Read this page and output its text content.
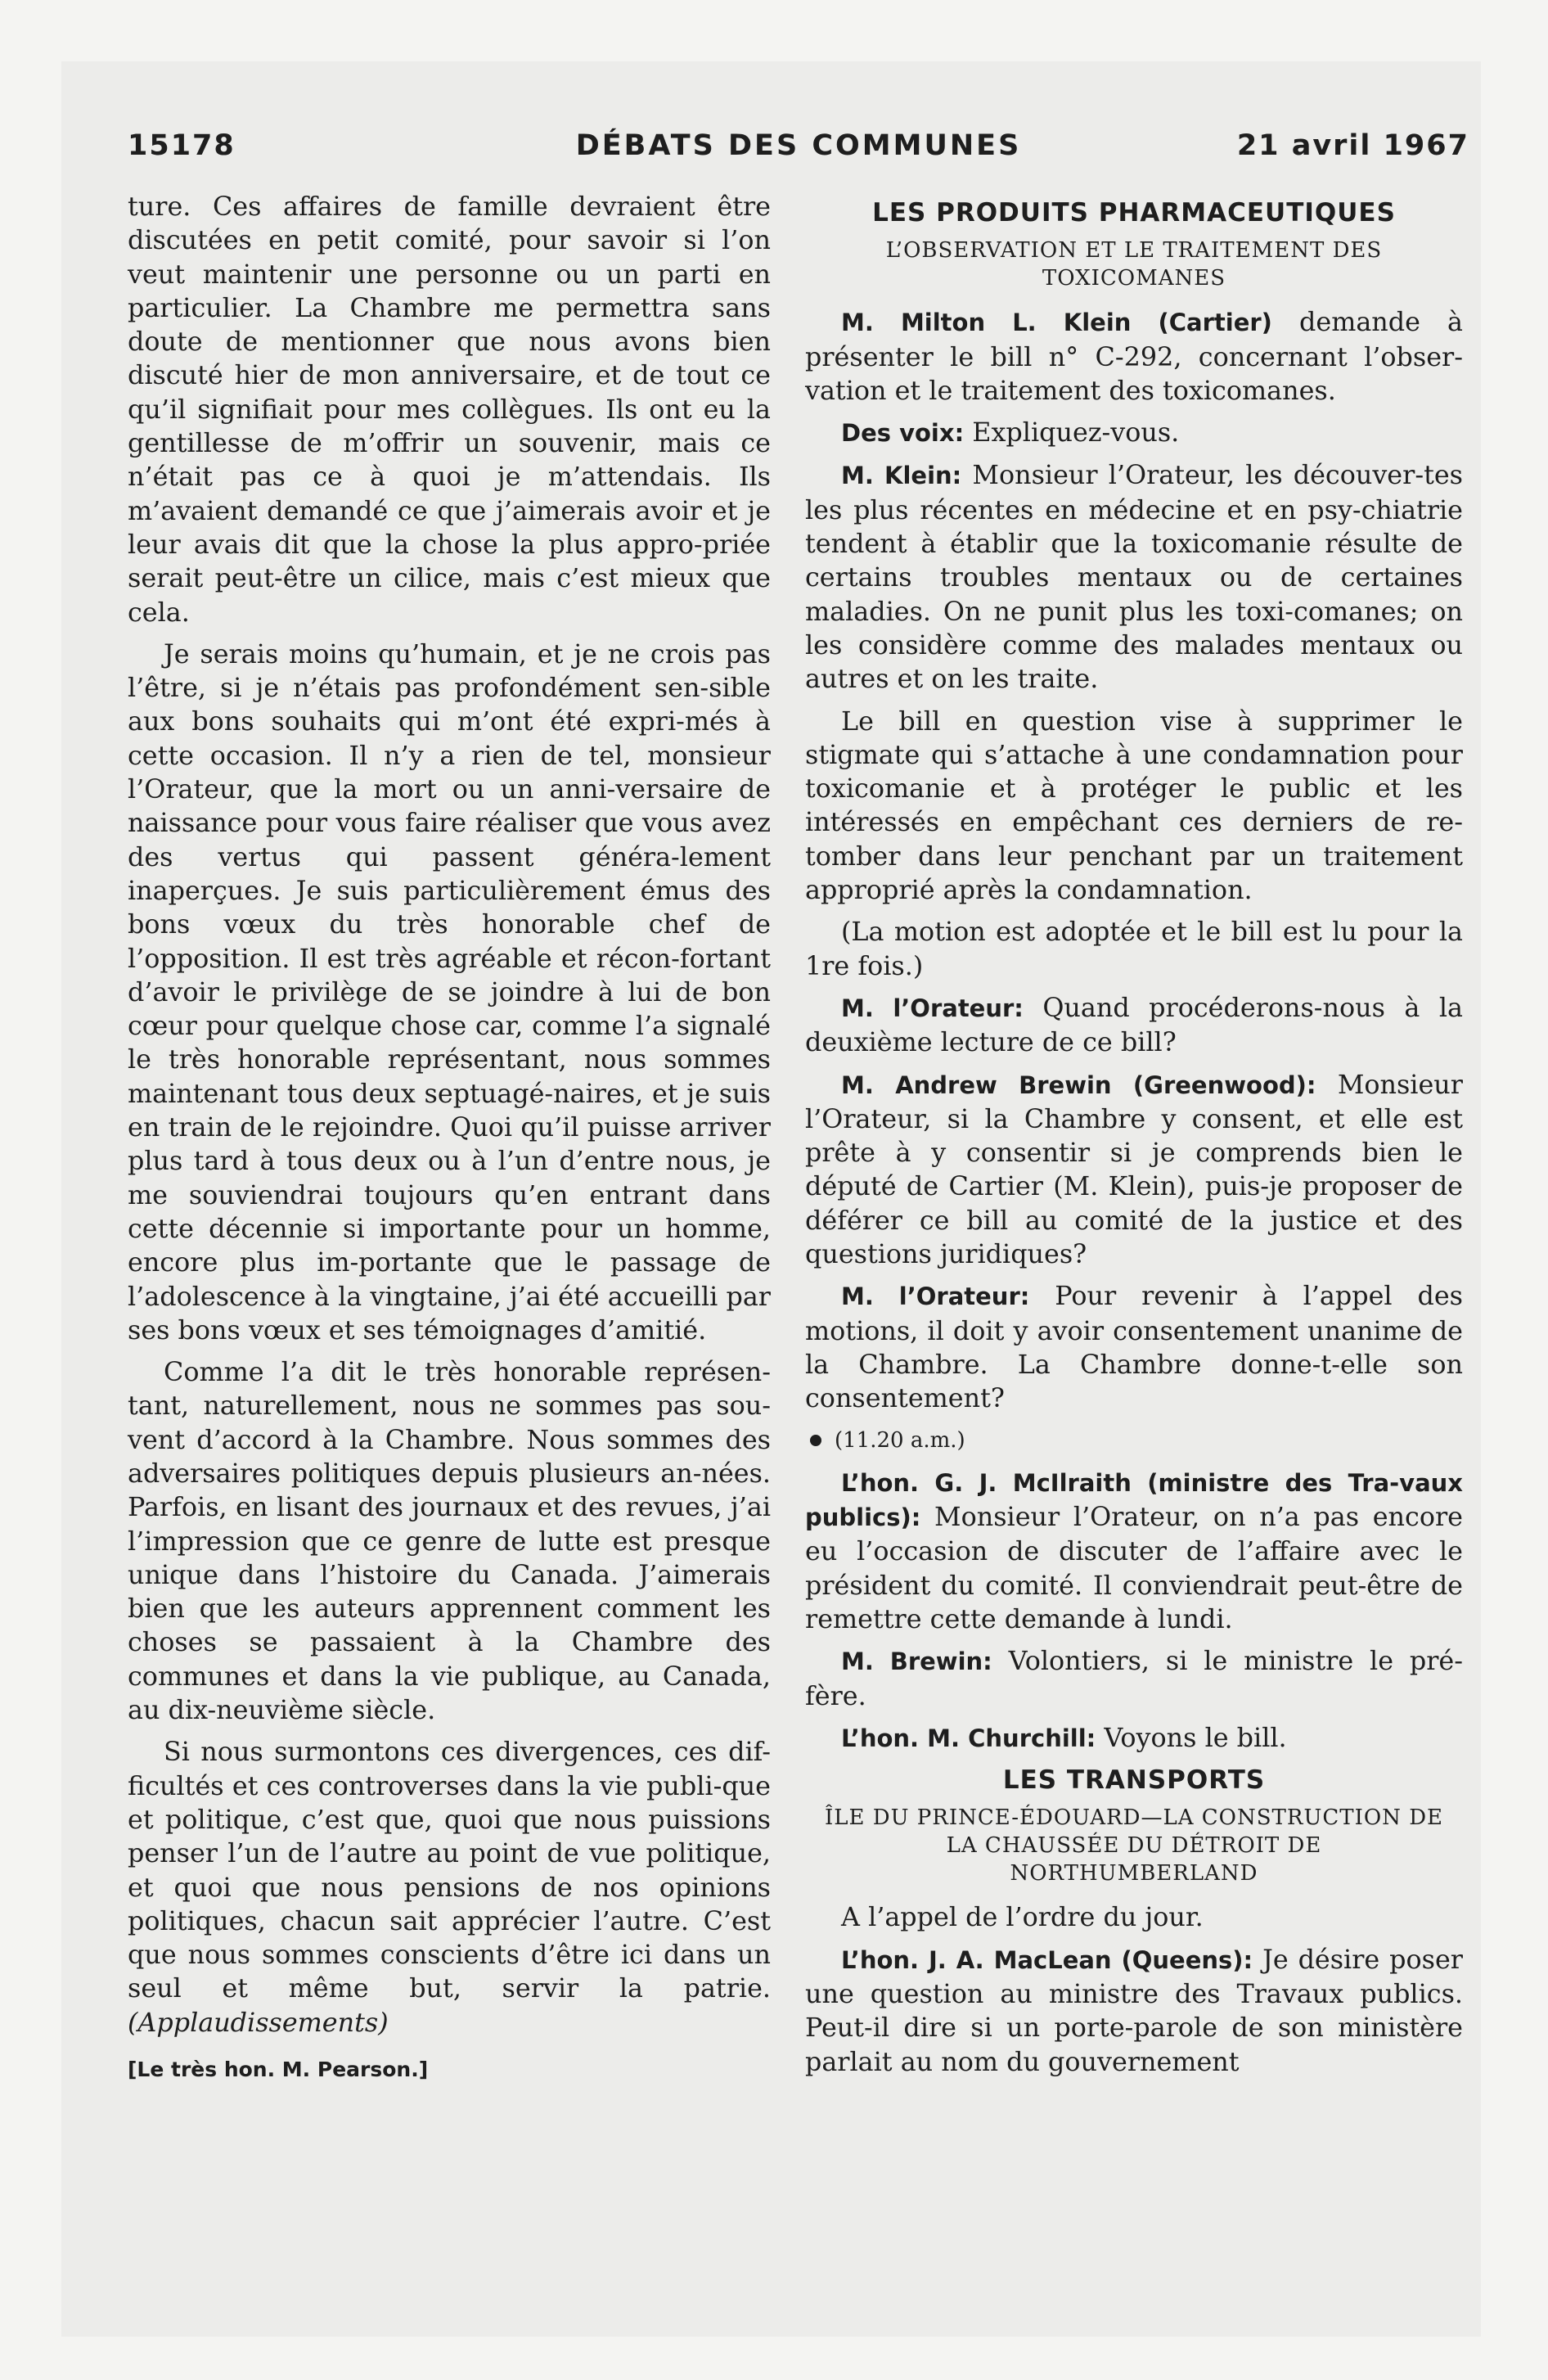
15178	DÉBATS DES COMMUNES	21 avril 1967

ture. Ces affaires de famille devraient être discutées en petit comité, pour savoir si l’on veut maintenir une personne ou un parti en particulier. La Chambre me permettra sans doute de mentionner que nous avons bien discuté hier de mon anniversaire, et de tout ce qu’il signifiait pour mes collègues. Ils ont eu la gentillesse de m’offrir un souvenir, mais ce n’était pas ce à quoi je m’attendais. Ils m’avaient demandé ce que j’aimerais avoir et je leur avais dit que la chose la plus appro-priée serait peut-être un cilice, mais c’est mieux que cela.

Je serais moins qu’humain, et je ne crois pas l’être, si je n’étais pas profondément sen-sible aux bons souhaits qui m’ont été expri-més à cette occasion. Il n’y a rien de tel, monsieur l’Orateur, que la mort ou un anni-versaire de naissance pour vous faire réaliser que vous avez des vertus qui passent généra-lement inaperçues. Je suis particulièrement émus des bons vœux du très honorable chef de l’opposition. Il est très agréable et récon-fortant d’avoir le privilège de se joindre à lui de bon cœur pour quelque chose car, comme l’a signalé le très honorable représentant, nous sommes maintenant tous deux septuagé-naires, et je suis en train de le rejoindre. Quoi qu’il puisse arriver plus tard à tous deux ou à l’un d’entre nous, je me souviendrai toujours qu’en entrant dans cette décennie si importante pour un homme, encore plus im-portante que le passage de l’adolescence à la vingtaine, j’ai été accueilli par ses bons vœux et ses témoignages d’amitié.

Comme l’a dit le très honorable représen-tant, naturellement, nous ne sommes pas sou-vent d’accord à la Chambre. Nous sommes des adversaires politiques depuis plusieurs an-nées. Parfois, en lisant des journaux et des revues, j’ai l’impression que ce genre de lutte est presque unique dans l’histoire du Canada. J’aimerais bien que les auteurs apprennent comment les choses se passaient à la Chambre des communes et dans la vie publique, au Canada, au dix-neuvième siècle.

Si nous surmontons ces divergences, ces dif-ficultés et ces controverses dans la vie publi-que et politique, c’est que, quoi que nous puissions penser l’un de l’autre au point de vue politique, et quoi que nous pensions de nos opinions politiques, chacun sait apprécier l’autre. C’est que nous sommes conscients d’être ici dans un seul et même but, servir la patrie. (Applaudissements)

[Le très hon. M. Pearson.]

LES PRODUITS PHARMACEUTIQUES
L’OBSERVATION ET LE TRAITEMENT DES TOXICOMANES

M. Milton L. Klein (Cartier) demande à présenter le bill n° C-292, concernant l’obser-vation et le traitement des toxicomanes.

Des voix: Expliquez-vous.

M. Klein: Monsieur l’Orateur, les découver-tes les plus récentes en médecine et en psy-chiatrie tendent à établir que la toxicomanie résulte de certains troubles mentaux ou de certaines maladies. On ne punit plus les toxi-comanes; on les considère comme des malades mentaux ou autres et on les traite.

Le bill en question vise à supprimer le stigmate qui s’attache à une condamnation pour toxicomanie et à protéger le public et les intéressés en empêchant ces derniers de re-tomber dans leur penchant par un traitement approprié après la condamnation.

(La motion est adoptée et le bill est lu pour la 1re fois.)

M. l’Orateur: Quand procéderons-nous à la deuxième lecture de ce bill?

M. Andrew Brewin (Greenwood): Monsieur l’Orateur, si la Chambre y consent, et elle est prête à y consentir si je comprends bien le député de Cartier (M. Klein), puis-je proposer de déférer ce bill au comité de la justice et des questions juridiques?

M. l’Orateur: Pour revenir à l’appel des motions, il doit y avoir consentement unanime de la Chambre. La Chambre donne-t-elle son consentement?

(11.20 a.m.)

L’hon. G. J. McIlraith (ministre des Tra-vaux publics): Monsieur l’Orateur, on n’a pas encore eu l’occasion de discuter de l’affaire avec le président du comité. Il conviendrait peut-être de remettre cette demande à lundi.

M. Brewin: Volontiers, si le ministre le pré-fère.

L’hon. M. Churchill: Voyons le bill.

LES TRANSPORTS
ÎLE DU PRINCE-ÉDOUARD—LA CONSTRUCTION DE LA CHAUSSÉE DU DÉTROIT DE NORTHUMBERLAND

A l’appel de l’ordre du jour.

L’hon. J. A. MacLean (Queens): Je désire poser une question au ministre des Travaux publics. Peut-il dire si un porte-parole de son ministère parlait au nom du gouvernement
